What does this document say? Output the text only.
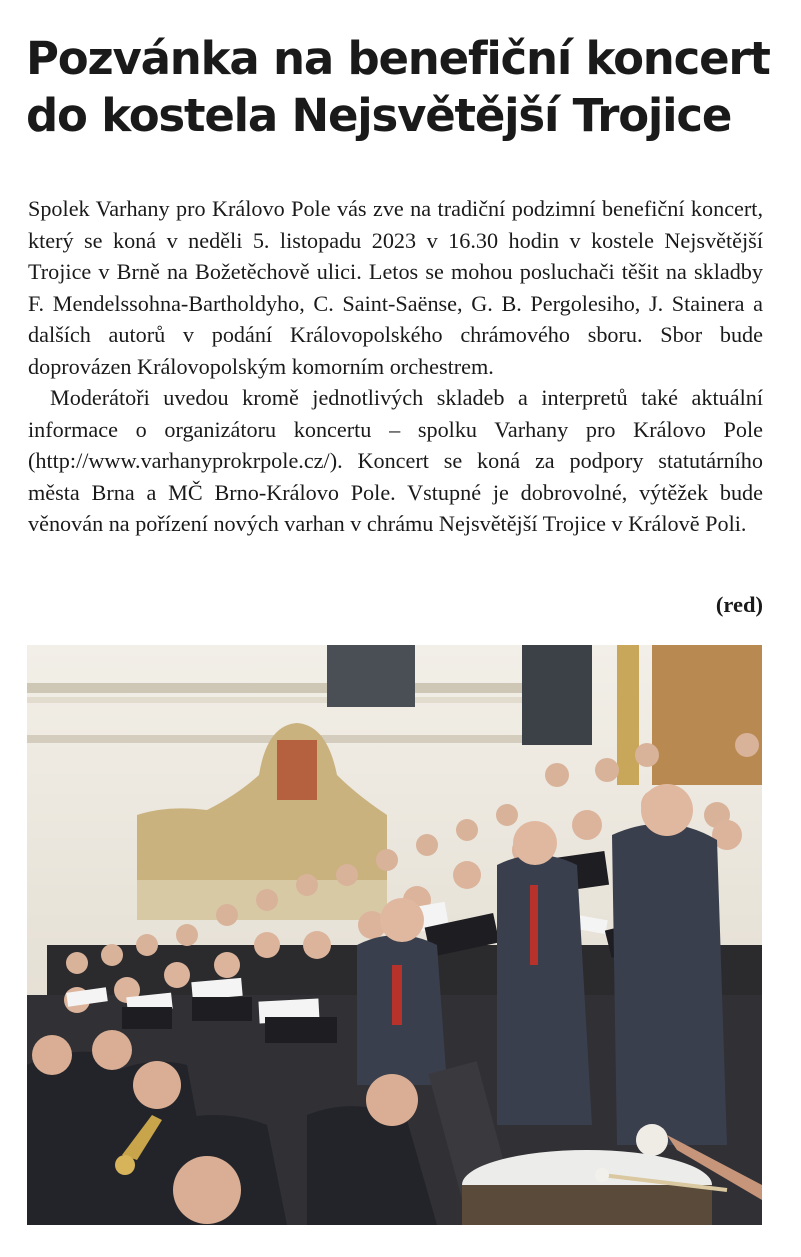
Pozvánka na benefiční koncert do kostela Nejsvětější Trojice

Spolek Varhany pro Královo Pole vás zve na tradiční podzimní benefiční koncert, který se koná v neděli 5. listopadu 2023 v 16.30 hodin v kostele Nejsvětější Trojice v Brně na Božetěchově ulici. Letos se mohou posluchači těšit na skladby F. Mendelssohna-Bartholdyho, C. Saint-Saënse, G. B. Pergolesiho, J. Stainera a dalších autorů v podání Královopolského chrámového sboru. Sbor bude doprovázen Královopolským komorním orchestrem.

Moderátoři uvedou kromě jednotlivých skladeb a interpretů také aktuální informace o organizátoru koncertu – spolku Varhany pro Královo Pole (http://www.varhanyprokrpole.cz/). Koncert se koná za podpory statutárního města Brna a MČ Brno-Královo Pole. Vstupné je dobrovolné, výtěžek bude věnován na pořízení nových varhan v chrámu Nejsvětější Trojice v Královĕ Poli.

(red)
